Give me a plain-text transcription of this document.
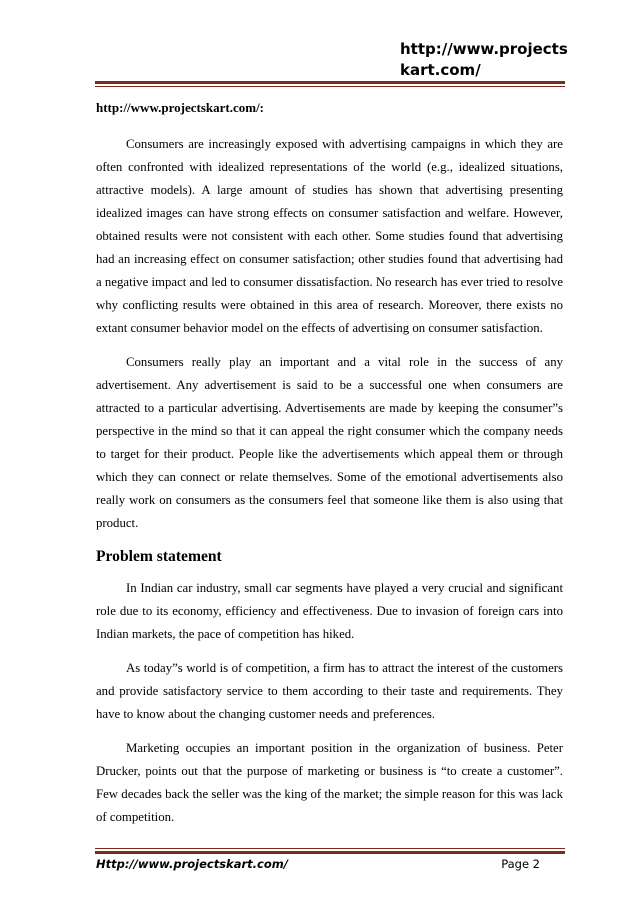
http://www.projects
kart.com/
http://www.projectskart.com/:

Consumers are increasingly exposed with advertising campaigns in which they are often confronted with idealized representations of the world (e.g., idealized situations, attractive models). A large amount of studies has shown that advertising presenting idealized images can have strong effects on consumer satisfaction and welfare. However, obtained results were not consistent with each other. Some studies found that advertising had an increasing effect on consumer satisfaction; other studies found that advertising had a negative impact and led to consumer dissatisfaction. No research has ever tried to resolve why conflicting results were obtained in this area of research. Moreover, there exists no extant consumer behavior model on the effects of advertising on consumer satisfaction.

Consumers really play an important and a vital role in the success of any advertisement. Any advertisement is said to be a successful one when consumers are attracted to a particular advertising. Advertisements are made by keeping the consumer”s perspective in the mind so that it can appeal the right consumer which the company needs to target for their product. People like the advertisements which appeal them or through which they can connect or relate themselves. Some of the emotional advertisements also really work on consumers as the consumers feel that someone like them is also using that product.

Problem statement

In Indian car industry, small car segments have played a very crucial and significant role due to its economy, efficiency and effectiveness. Due to invasion of foreign cars into Indian markets, the pace of competition has hiked.

As today”s world is of competition, a firm has to attract the interest of the customers and provide satisfactory service to them according to their taste and requirements. They have to know about the changing customer needs and preferences.

Marketing occupies an important position in the organization of business. Peter Drucker, points out that the purpose of marketing or business is “to create a customer”. Few decades back the seller was the king of the market; the simple reason for this was lack of competition.

Http://www.projectskart.com/	Page 2
